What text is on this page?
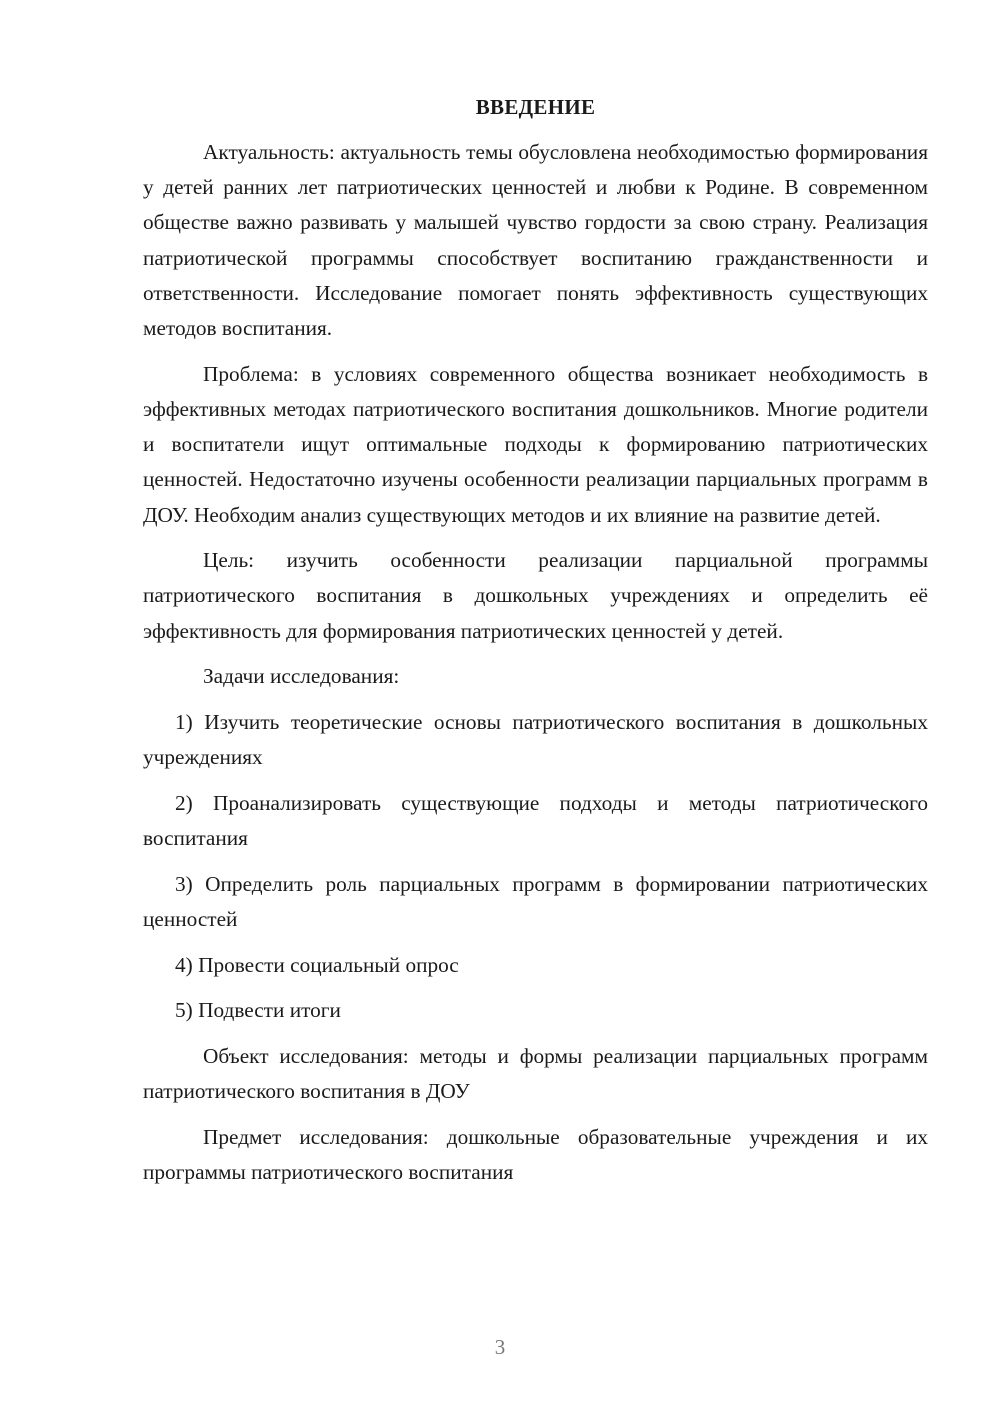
ВВЕДЕНИЕ

Актуальность: актуальность темы обусловлена необходимостью формирования у детей ранних лет патриотических ценностей и любви к Родине. В современном обществе важно развивать у малышей чувство гордости за свою страну. Реализация патриотической программы способствует воспитанию гражданственности и ответственности. Исследование помогает понять эффективность существующих методов воспитания.

Проблема: в условиях современного общества возникает необходимость в эффективных методах патриотического воспитания дошкольников. Многие родители и воспитатели ищут оптимальные подходы к формированию патриотических ценностей. Недостаточно изучены особенности реализации парциальных программ в ДОУ. Необходим анализ существующих методов и их влияние на развитие детей.

Цель: изучить особенности реализации парциальной программы патриотического воспитания в дошкольных учреждениях и определить её эффективность для формирования патриотических ценностей у детей.

Задачи исследования:

1) Изучить теоретические основы патриотического воспитания в дошкольных учреждениях

2) Проанализировать существующие подходы и методы патриотического воспитания

3) Определить роль парциальных программ в формировании патриотических ценностей

4) Провести социальный опрос

5) Подвести итоги

Объект исследования: методы и формы реализации парциальных программ патриотического воспитания в ДОУ

Предмет исследования: дошкольные образовательные учреждения и их программы патриотического воспитания

3
